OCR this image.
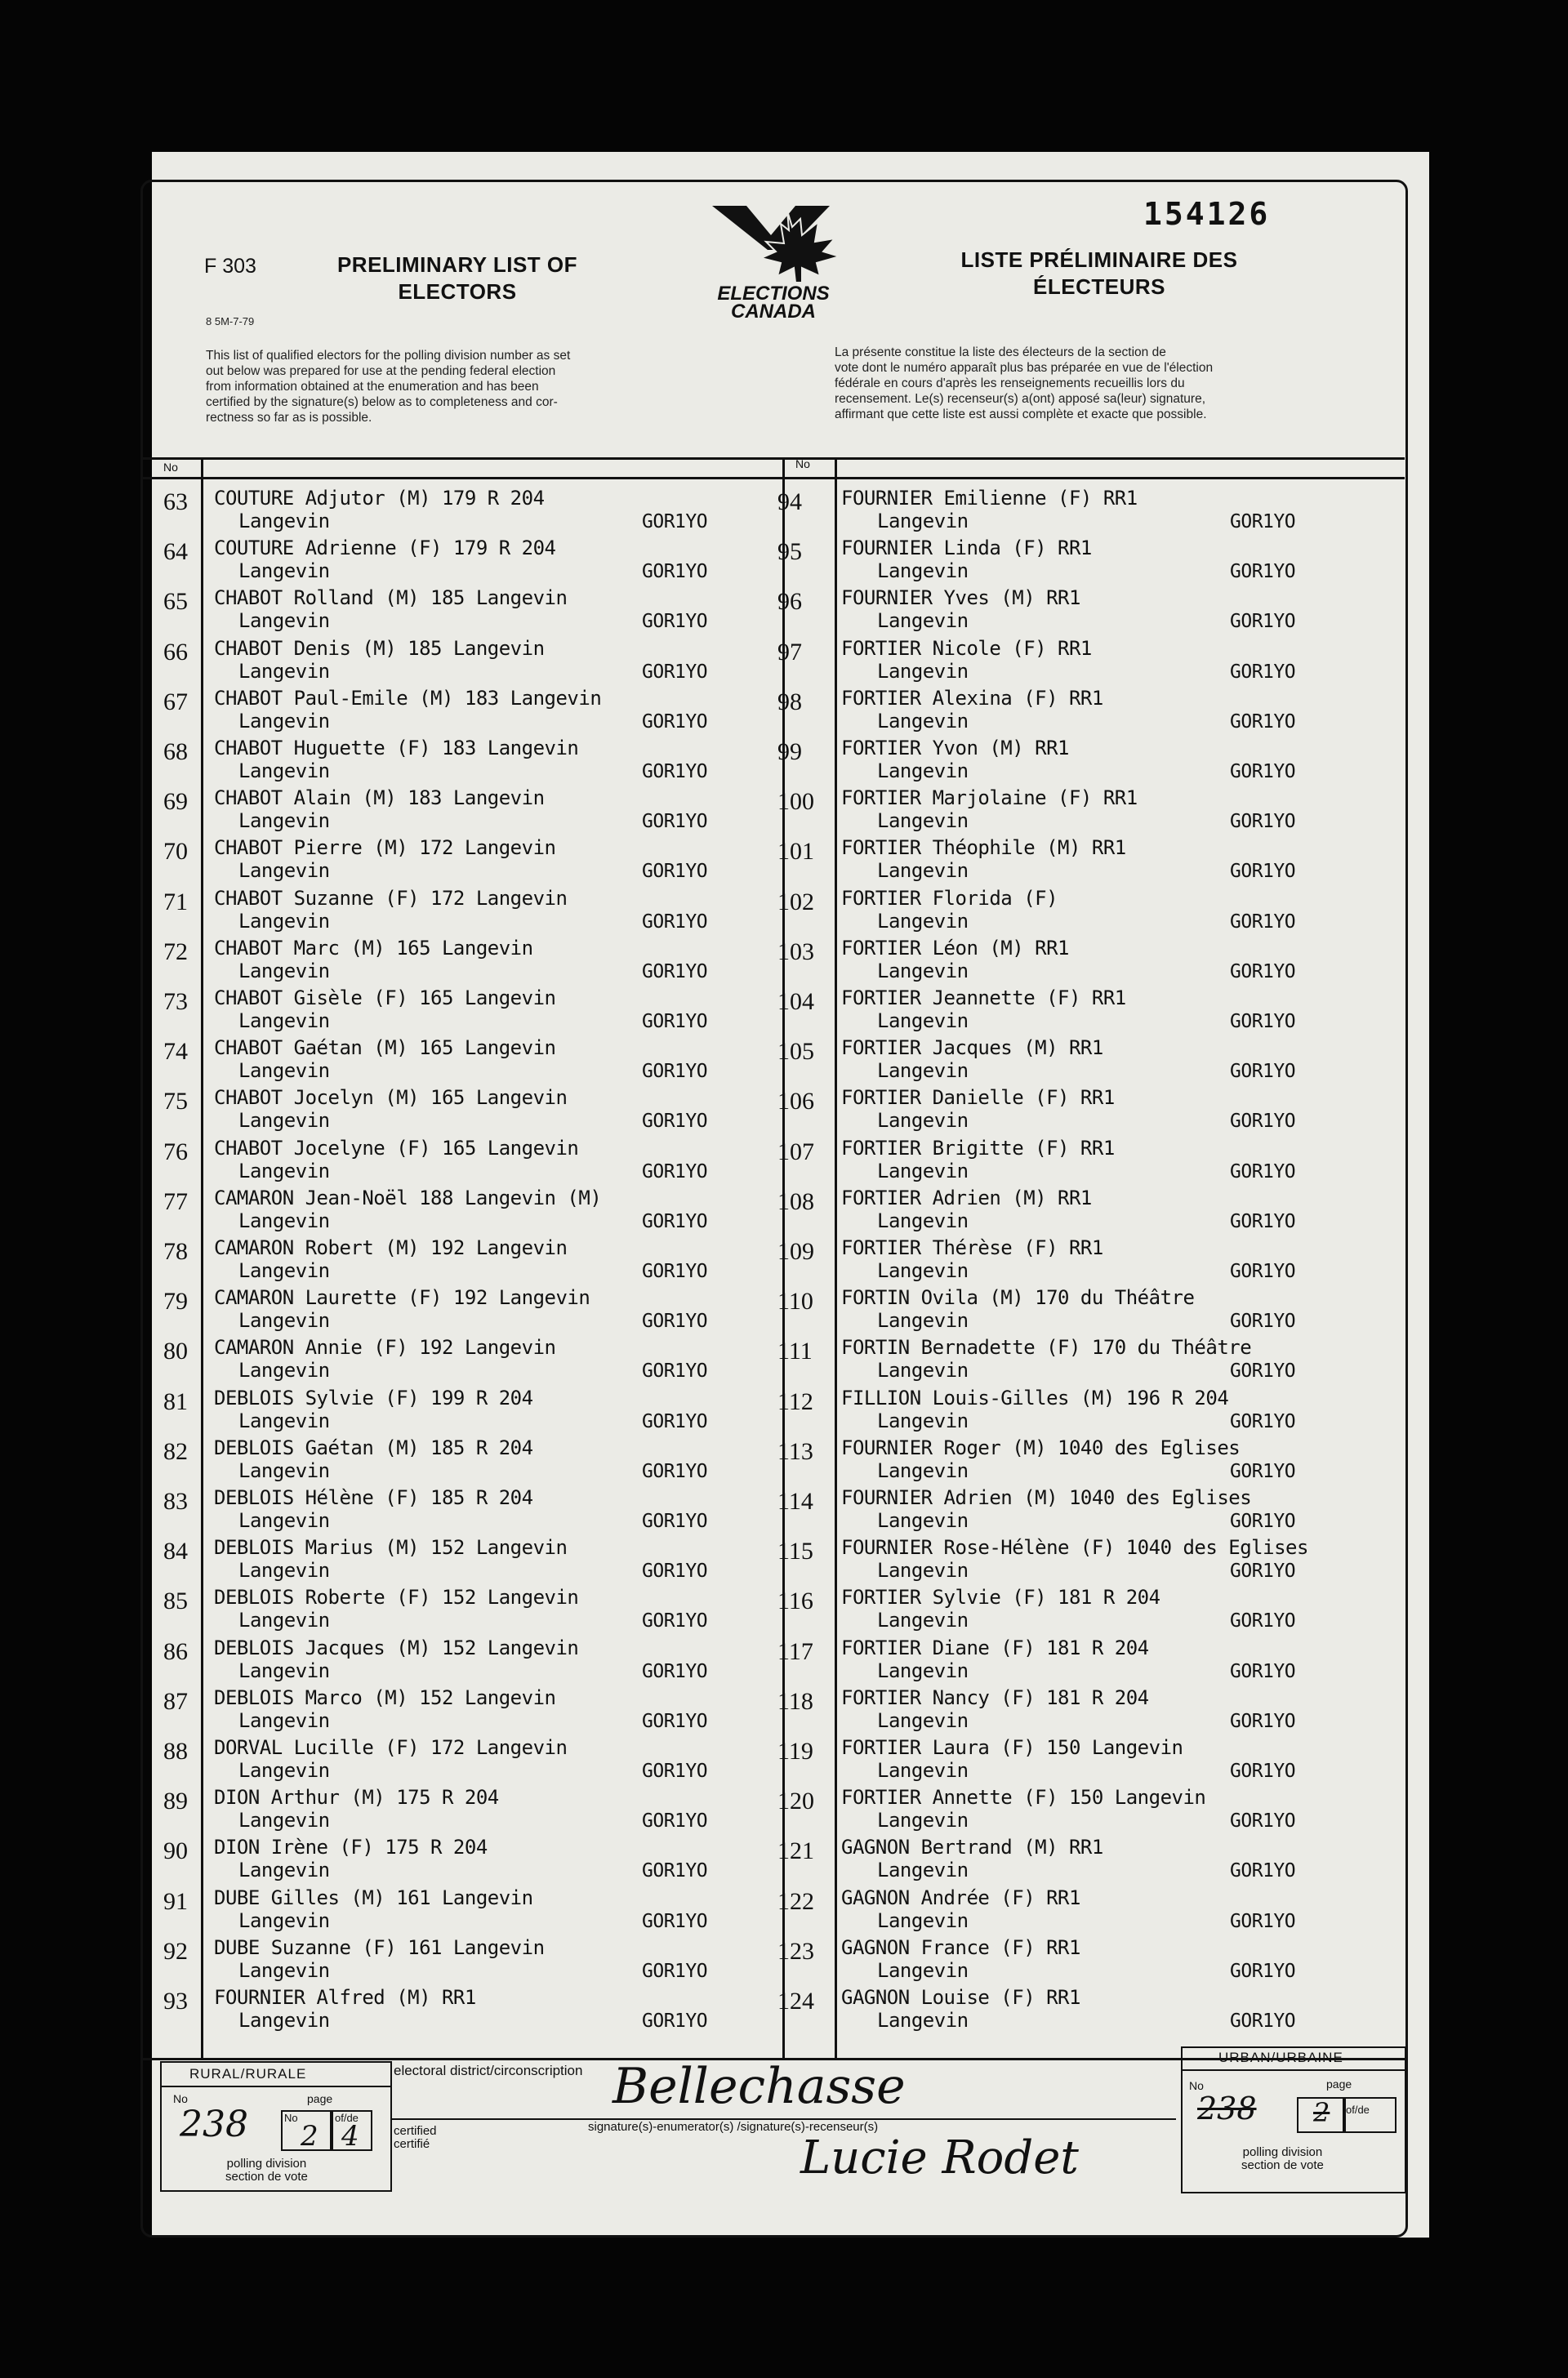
F 303
8 5M-7-79
PRELIMINARY LIST OF
ELECTORS	ELECTIONS
CANADA
154126
LISTE PRÉLIMINAIRE DES
ÉLECTEURS
This list of qualified electors for the polling division number as set
out below was prepared for use at the pending federal election
from information obtained at the enumeration and has been
certified by the signature(s) below as to completeness and cor-
rectness so far as is possible.
La présente constitue la liste des électeurs de la section de
vote dont le numéro apparaît plus bas préparée en vue de l'élection
fédérale en cours d'après les renseignements recueillis lors du
recensement. Le(s) recenseur(s) a(ont) apposé sa(leur) signature,
affirmant que cette liste est aussi complète et exacte que possible.
No	No
63	COUTURE Adjutor (M) 179 R 204
Langevin	GOR1YO
64	COUTURE Adrienne (F) 179 R 204
Langevin	GOR1YO
65	CHABOT Rolland (M) 185 Langevin
Langevin	GOR1YO
66	CHABOT Denis (M) 185 Langevin
Langevin	GOR1YO
67	CHABOT Paul-Emile (M) 183 Langevin
Langevin	GOR1YO
68	CHABOT Huguette (F) 183 Langevin
Langevin	GOR1YO
69	CHABOT Alain (M) 183 Langevin
Langevin	GOR1YO
70	CHABOT Pierre (M) 172 Langevin
Langevin	GOR1YO
71	CHABOT Suzanne (F) 172 Langevin
Langevin	GOR1YO
72	CHABOT Marc (M) 165 Langevin
Langevin	GOR1YO
73	CHABOT Gisèle (F) 165 Langevin
Langevin	GOR1YO
74	CHABOT Gaétan (M) 165 Langevin
Langevin	GOR1YO
75	CHABOT Jocelyn (M) 165 Langevin
Langevin	GOR1YO
76	CHABOT Jocelyne (F) 165 Langevin
Langevin	GOR1YO
77	CAMARON Jean-Noël 188 Langevin (M)
Langevin	GOR1YO
78	CAMARON Robert (M) 192 Langevin
Langevin	GOR1YO
79	CAMARON Laurette (F) 192 Langevin
Langevin	GOR1YO
80	CAMARON Annie (F) 192 Langevin
Langevin	GOR1YO
81	DEBLOIS Sylvie (F) 199 R 204
Langevin	GOR1YO
82	DEBLOIS Gaétan (M) 185 R 204
Langevin	GOR1YO
83	DEBLOIS Hélène (F) 185 R 204
Langevin	GOR1YO
84	DEBLOIS Marius (M) 152 Langevin
Langevin	GOR1YO
85	DEBLOIS Roberte (F) 152 Langevin
Langevin	GOR1YO
86	DEBLOIS Jacques (M) 152 Langevin
Langevin	GOR1YO
87	DEBLOIS Marco (M) 152 Langevin
Langevin	GOR1YO
88	DORVAL Lucille (F) 172 Langevin
Langevin	GOR1YO
89	DION Arthur (M) 175 R 204
Langevin	GOR1YO
90	DION Irène (F) 175 R 204
Langevin	GOR1YO
91	DUBE Gilles (M) 161 Langevin
Langevin	GOR1YO
92	DUBE Suzanne (F) 161 Langevin
Langevin	GOR1YO
93	FOURNIER Alfred (M) RR1
Langevin	GOR1YO
94	FOURNIER Emilienne (F) RR1
Langevin	GOR1YO
95	FOURNIER Linda (F) RR1
Langevin	GOR1YO
96	FOURNIER Yves (M) RR1
Langevin	GOR1YO
97	FORTIER Nicole (F) RR1
Langevin	GOR1YO
98	FORTIER Alexina (F) RR1
Langevin	GOR1YO
99	FORTIER Yvon (M) RR1
Langevin	GOR1YO
100	FORTIER Marjolaine (F) RR1
Langevin	GOR1YO
101	FORTIER Théophile (M) RR1
Langevin	GOR1YO
102	FORTIER Florida (F)
Langevin	GOR1YO
103	FORTIER Léon (M) RR1
Langevin	GOR1YO
104	FORTIER Jeannette (F) RR1
Langevin	GOR1YO
105	FORTIER Jacques (M) RR1
Langevin	GOR1YO
106	FORTIER Danielle (F) RR1
Langevin	GOR1YO
107	FORTIER Brigitte (F) RR1
Langevin	GOR1YO
108	FORTIER Adrien (M) RR1
Langevin	GOR1YO
109	FORTIER Thérèse (F) RR1
Langevin	GOR1YO
110	FORTIN Ovila (M) 170 du Théâtre
Langevin	GOR1YO
111	FORTIN Bernadette (F) 170 du Théâtre
Langevin	GOR1YO
112	FILLION Louis-Gilles (M) 196 R 204
Langevin	GOR1YO
113	FOURNIER Roger (M) 1040 des Eglises
Langevin	GOR1YO
114	FOURNIER Adrien (M) 1040 des Eglises
Langevin	GOR1YO
115	FOURNIER Rose-Hélène (F) 1040 des Eglises
Langevin	GOR1YO
116	FORTIER Sylvie (F) 181 R 204
Langevin	GOR1YO
117	FORTIER Diane (F) 181 R 204
Langevin	GOR1YO
118	FORTIER Nancy (F) 181 R 204
Langevin	GOR1YO
119	FORTIER Laura (F) 150 Langevin
Langevin	GOR1YO
120	FORTIER Annette (F) 150 Langevin
Langevin	GOR1YO
121	GAGNON Bertrand (M) RR1
Langevin	GOR1YO
122	GAGNON Andrée (F) RR1
Langevin	GOR1YO
123	GAGNON France (F) RR1
Langevin	GOR1YO
124	GAGNON Louise (F) RR1
Langevin	GOR1YO
RURAL/RURALE
No	page
238	No	of/de
2 4
polling division
section de vote
electoral district/circonscription Bellechasse
certified
certifié
signature(s)-enumerator(s) /signature(s)-recenseur(s)
Lucie Rodet
URBAN/URBAINE
No	page
238 2 of/de
polling division
section de vote
